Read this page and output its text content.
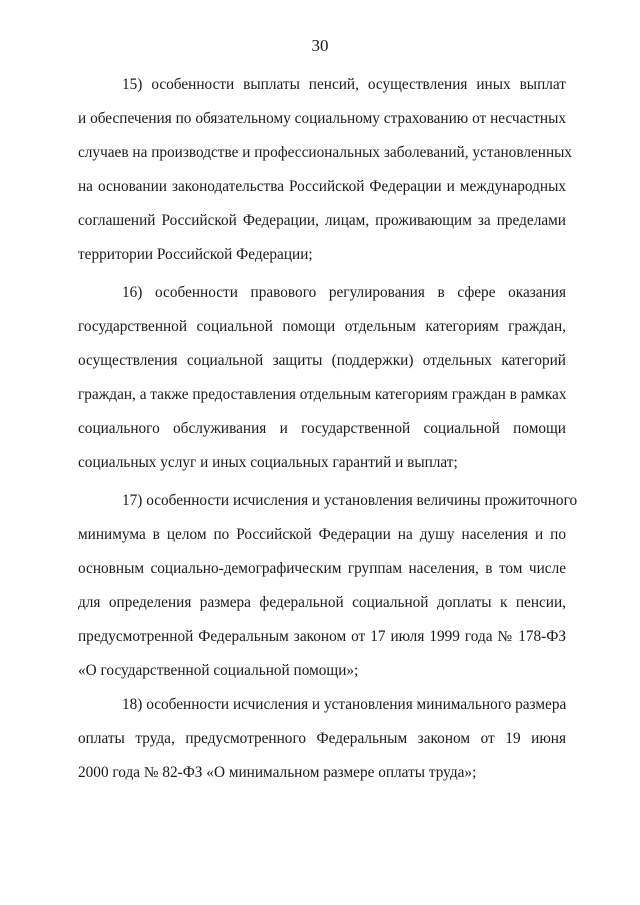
30
15) особенности выплаты пенсий, осуществления иных выплат
и обеспечения по обязательному социальному страхованию от несчастных
случаев на производстве и профессиональных заболеваний, установленных
на основании законодательства Российской Федерации и международных
соглашений Российской Федерации, лицам, проживающим за пределами
территории Российской Федерации;
16) особенности правового регулирования в сфере оказания
государственной социальной помощи отдельным категориям граждан,
осуществления социальной защиты (поддержки) отдельных категорий
граждан, а также предоставления отдельным категориям граждан в рамках
социального обслуживания и государственной социальной помощи
социальных услуг и иных социальных гарантий и выплат;
17) особенности исчисления и установления величины прожиточного
минимума в целом по Российской Федерации на душу населения и по
основным социально-демографическим группам населения, в том числе
для определения размера федеральной социальной доплаты к пенсии,
предусмотренной Федеральным законом от 17 июля 1999 года № 178-ФЗ
«О государственной социальной помощи»;
18) особенности исчисления и установления минимального размера
оплаты труда, предусмотренного Федеральным законом от 19 июня
2000 года № 82-ФЗ «О минимальном размере оплаты труда»;
